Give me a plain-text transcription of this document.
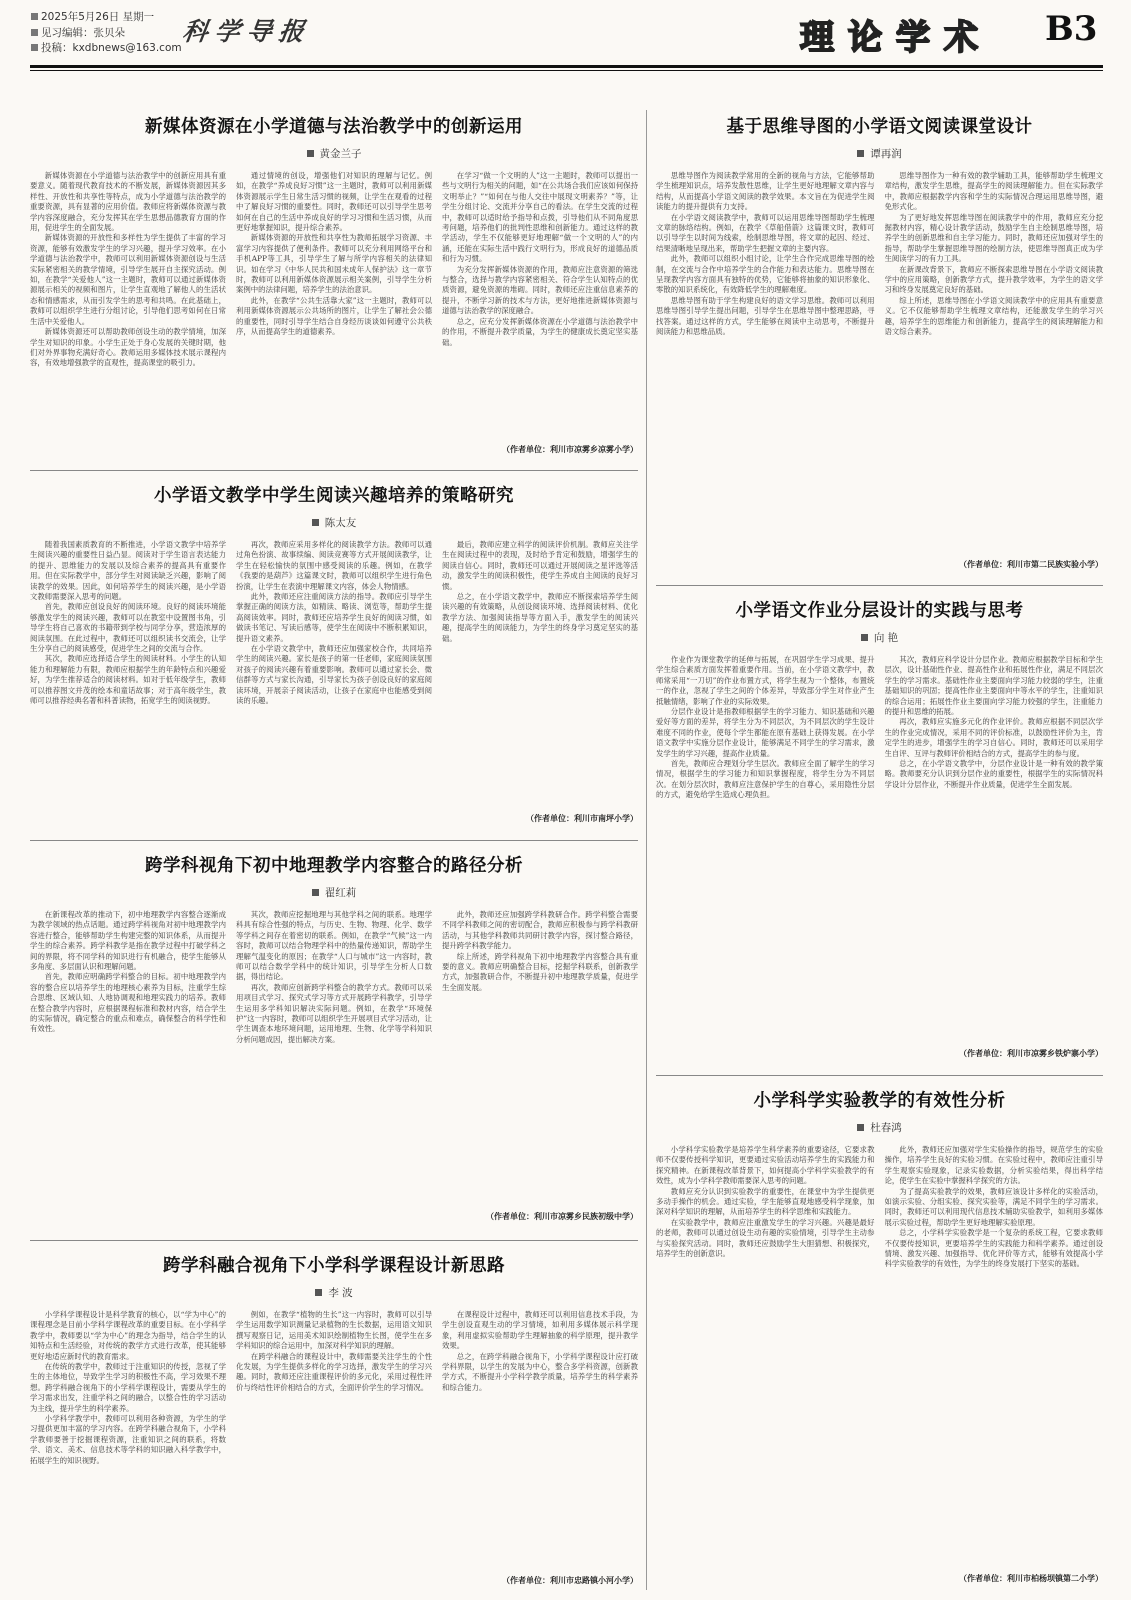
2025年5月26日 星期一
见习编辑：张贝朵
投稿：kxdbnews@163.com
科学导报	理论学术 B3
新媒体资源在小学道德与法治教学中的创新运用
黄金兰子

新媒体资源在小学道德与法治教学中的创新应用具有重要意义。随着现代教育技术的不断发展，新媒体资源因其多样性、开放性和共享性等特点，成为小学道德与法治教学的重要资源，具有显著的应用价值。教师应将新媒体资源与教学内容深度融合，充分发挥其在学生思想品德教育方面的作用，促进学生的全面发展。

新媒体资源的开放性和多样性为学生提供了丰富的学习资源，能够有效激发学生的学习兴趣，提升学习效率。在小学道德与法治教学中，教师可以利用新媒体资源创设与生活实际紧密相关的教学情境，引导学生展开自主探究活动。例如，在教学“关爱他人”这一主题时，教师可以通过新媒体资源展示相关的视频和图片，让学生直观地了解他人的生活状态和情感需求，从而引发学生的思考和共鸣。在此基础上，教师可以组织学生进行分组讨论，引导他们思考如何在日常生活中关爱他人。

新媒体资源还可以帮助教师创设生动的教学情境，加深学生对知识的印象。小学生正处于身心发展的关键时期，他们对外界事物充满好奇心。教师运用多媒体技术展示课程内容，有效地增强教学的直观性，提高课堂的吸引力。

通过情境的创设，增强他们对知识的理解与记忆。例如，在教学“养成良好习惯”这一主题时，教师可以利用新媒体资源展示学生日常生活习惯的视频，让学生在观看的过程中了解良好习惯的重要性。同时，教师还可以引导学生思考如何在自己的生活中养成良好的学习习惯和生活习惯，从而更好地掌握知识，提升综合素养。

新媒体资源的开放性和共享性为教师拓展学习资源、丰富学习内容提供了便利条件。教师可以充分利用网络平台和手机APP等工具，引导学生了解与所学内容相关的法律知识。如在学习《中华人民共和国未成年人保护法》这一章节时，教师可以利用新媒体资源展示相关案例，引导学生分析案例中的法律问题，培养学生的法治意识。

此外，在教学“公共生活靠大家”这一主题时，教师可以利用新媒体资源展示公共场所的图片，让学生了解社会公德的重要性，同时引导学生结合自身经历谈谈如何遵守公共秩序，从而提高学生的道德素养。

在学习“做一个文明的人”这一主题时，教师可以提出一些与文明行为相关的问题，如“在公共场合我们应该如何保持文明举止？”“如何在与他人交往中展现文明素养？”等，让学生分组讨论、交流并分享自己的看法。在学生交流的过程中，教师可以适时给予指导和点拨，引导他们从不同角度思考问题，培养他们的批判性思维和创新能力。通过这样的教学活动，学生不仅能够更好地理解“做一个文明的人”的内涵，还能在实际生活中践行文明行为，形成良好的道德品质和行为习惯。

为充分发挥新媒体资源的作用，教师应注意资源的筛选与整合，选择与教学内容紧密相关、符合学生认知特点的优质资源，避免资源的堆砌。同时，教师还应注重信息素养的提升，不断学习新的技术与方法，更好地推进新媒体资源与道德与法治教学的深度融合。

总之，应充分发挥新媒体资源在小学道德与法治教学中的作用，不断提升教学质量，为学生的健康成长奠定坚实基础。

（作者单位：利川市凉雾乡凉雾小学）
小学语文教学中学生阅读兴趣培养的策略研究
陈太友

随着我国素质教育的不断推进，小学语文教学中培养学生阅读兴趣的重要性日益凸显。阅读对于学生语言表达能力的提升、思维能力的发展以及综合素养的提高具有重要作用。但在实际教学中，部分学生对阅读缺乏兴趣，影响了阅读教学的效果。因此，如何培养学生的阅读兴趣，是小学语文教师需要深入思考的问题。

首先，教师应创设良好的阅读环境。良好的阅读环境能够激发学生的阅读兴趣，教师可以在教室中设置图书角，引导学生将自己喜欢的书籍带到学校与同学分享，营造浓厚的阅读氛围。在此过程中，教师还可以组织读书交流会，让学生分享自己的阅读感受，促进学生之间的交流与合作。

其次，教师应选择适合学生的阅读材料。小学生的认知能力和理解能力有限，教师应根据学生的年龄特点和兴趣爱好，为学生推荐适合的阅读材料。如对于低年级学生，教师可以推荐图文并茂的绘本和童话故事；对于高年级学生，教师可以推荐经典名著和科普读物，拓宽学生的阅读视野。

再次，教师应采用多样化的阅读教学方法。教师可以通过角色扮演、故事续编、阅读竞赛等方式开展阅读教学，让学生在轻松愉快的氛围中感受阅读的乐趣。例如，在教学《我要的是葫芦》这篇课文时，教师可以组织学生进行角色扮演，让学生在表演中理解课文内容，体会人物情感。

此外，教师还应注重阅读方法的指导。教师应引导学生掌握正确的阅读方法，如精读、略读、浏览等，帮助学生提高阅读效率。同时，教师还应培养学生良好的阅读习惯，如做读书笔记、写读后感等，使学生在阅读中不断积累知识，提升语文素养。

在小学语文教学中，教师还应加强家校合作，共同培养学生的阅读兴趣。家长是孩子的第一任老师，家庭阅读氛围对孩子的阅读兴趣有着重要影响。教师可以通过家长会、微信群等方式与家长沟通，引导家长为孩子创设良好的家庭阅读环境，开展亲子阅读活动，让孩子在家庭中也能感受到阅读的乐趣。

最后，教师应建立科学的阅读评价机制。教师应关注学生在阅读过程中的表现，及时给予肯定和鼓励，增强学生的阅读自信心。同时，教师还可以通过开展阅读之星评选等活动，激发学生的阅读积极性，使学生养成自主阅读的良好习惯。

总之，在小学语文教学中，教师应不断探索培养学生阅读兴趣的有效策略，从创设阅读环境、选择阅读材料、优化教学方法、加强阅读指导等方面入手，激发学生的阅读兴趣，提高学生的阅读能力，为学生的终身学习奠定坚实的基础。

（作者单位：利川市南坪小学）
跨学科视角下初中地理教学内容整合的路径分析
翟红莉

在新课程改革的推动下，初中地理教学内容整合逐渐成为教学领域的热点话题。通过跨学科视角对初中地理教学内容进行整合，能够帮助学生构建完整的知识体系，从而提升学生的综合素养。跨学科教学是指在教学过程中打破学科之间的界限，将不同学科的知识进行有机融合，使学生能够从多角度、多层面认识和理解问题。

首先，教师应明确跨学科整合的目标。初中地理教学内容的整合应以培养学生的地理核心素养为目标，注重学生综合思维、区域认知、人地协调观和地理实践力的培养。教师在整合教学内容时，应根据课程标准和教材内容，结合学生的实际情况，确定整合的重点和难点，确保整合的科学性和有效性。

其次，教师应挖掘地理与其他学科之间的联系。地理学科具有综合性强的特点，与历史、生物、物理、化学、数学等学科之间存在着密切的联系。例如，在教学“气候”这一内容时，教师可以结合物理学科中的热量传递知识，帮助学生理解气温变化的原因；在教学“人口与城市”这一内容时，教师可以结合数学学科中的统计知识，引导学生分析人口数据，得出结论。

再次，教师应创新跨学科整合的教学方式。教师可以采用项目式学习、探究式学习等方式开展跨学科教学，引导学生运用多学科知识解决实际问题。例如，在教学“环境保护”这一内容时，教师可以组织学生开展项目式学习活动，让学生调查本地环境问题，运用地理、生物、化学等学科知识分析问题成因，提出解决方案。

此外，教师还应加强跨学科教研合作。跨学科整合需要不同学科教师之间的密切配合，教师应积极参与跨学科教研活动，与其他学科教师共同研讨教学内容，探讨整合路径，提升跨学科教学能力。

综上所述，跨学科视角下初中地理教学内容整合具有重要的意义。教师应明确整合目标，挖掘学科联系，创新教学方式，加强教研合作，不断提升初中地理教学质量，促进学生全面发展。

（作者单位：利川市凉雾乡民族初级中学）
跨学科融合视角下小学科学课程设计新思路
李 波

小学科学课程设计是科学教育的核心，以“学为中心”的课程理念是目前小学科学课程改革的重要目标。在小学科学教学中，教师要以“学为中心”的理念为指导，结合学生的认知特点和生活经验，对传统的教学方式进行改革，使其能够更好地适应新时代的教育需求。

在传统的教学中，教师过于注重知识的传授，忽视了学生的主体地位，导致学生学习的积极性不高，学习效果不理想。跨学科融合视角下的小学科学课程设计，需要从学生的学习需求出发，注重学科之间的融合，以整合性的学习活动为主线，提升学生的科学素养。

小学科学教学中，教师可以利用各种资源，为学生的学习提供更加丰富的学习内容。在跨学科融合视角下，小学科学教师要善于挖掘课程资源，注重知识之间的联系，将数学、语文、美术、信息技术等学科的知识融入科学教学中，拓展学生的知识视野。

例如，在教学“植物的生长”这一内容时，教师可以引导学生运用数学知识测量记录植物的生长数据，运用语文知识撰写观察日记，运用美术知识绘制植物生长图，使学生在多学科知识的综合运用中，加深对科学知识的理解。

在跨学科融合的课程设计中，教师需要关注学生的个性化发展，为学生提供多样化的学习选择，激发学生的学习兴趣。同时，教师还应注重课程评价的多元化，采用过程性评价与终结性评价相结合的方式，全面评价学生的学习情况。

在课程设计过程中，教师还可以利用信息技术手段，为学生创设直观生动的学习情境，如利用多媒体展示科学现象，利用虚拟实验帮助学生理解抽象的科学原理，提升教学效果。

总之，在跨学科融合视角下，小学科学课程设计应打破学科界限，以学生的发展为中心，整合多学科资源，创新教学方式，不断提升小学科学教学质量，培养学生的科学素养和综合能力。

（作者单位：利川市忠路镇小河小学）
基于思维导图的小学语文阅读课堂设计
谭再润

思维导图作为阅读教学常用的全新的视角与方法，它能够帮助学生梳理知识点，培养发散性思维，让学生更好地理解文章内容与结构，从而提高小学语文阅读的教学效果。本文旨在为促进学生阅读能力的提升提供有力支持。

在小学语文阅读教学中，教师可以运用思维导图帮助学生梳理文章的脉络结构。例如，在教学《草船借箭》这篇课文时，教师可以引导学生以时间为线索，绘制思维导图，将文章的起因、经过、结果清晰地呈现出来，帮助学生把握文章的主要内容。

此外，教师可以组织小组讨论，让学生合作完成思维导图的绘制，在交流与合作中培养学生的合作能力和表达能力。思维导图在呈现教学内容方面具有独特的优势，它能够将抽象的知识形象化、零散的知识系统化，有效降低学生的理解难度。

思维导图有助于学生构建良好的语文学习思维。教师可以利用思维导图引导学生提出问题，引导学生在思维导图中整理思路，寻找答案。通过这样的方式，学生能够在阅读中主动思考，不断提升阅读能力和思维品质。

思维导图作为一种有效的教学辅助工具，能够帮助学生梳理文章结构，激发学生思维，提高学生的阅读理解能力。但在实际教学中，教师应根据教学内容和学生的实际情况合理运用思维导图，避免形式化。

为了更好地发挥思维导图在阅读教学中的作用，教师应充分挖掘教材内容，精心设计教学活动，鼓励学生自主绘制思维导图，培养学生的创新思维和自主学习能力。同时，教师还应加强对学生的指导，帮助学生掌握思维导图的绘制方法，使思维导图真正成为学生阅读学习的有力工具。

在新课改背景下，教师应不断探索思维导图在小学语文阅读教学中的应用策略，创新教学方式，提升教学效率，为学生的语文学习和终身发展奠定良好的基础。

综上所述，思维导图在小学语文阅读教学中的应用具有重要意义。它不仅能够帮助学生梳理文章结构，还能激发学生的学习兴趣，培养学生的思维能力和创新能力，提高学生的阅读理解能力和语文综合素养。

（作者单位：利川市第二民族实验小学）
小学语文作业分层设计的实践与思考
向 艳

作业作为课堂教学的延伸与拓展，在巩固学生学习成果、提升学生综合素质方面发挥着重要作用。当前，在小学语文教学中，教师常采用“一刀切”的作业布置方式，将学生视为一个整体，布置统一的作业，忽视了学生之间的个体差异，导致部分学生对作业产生抵触情绪，影响了作业的实际效果。

分层作业设计是指教师根据学生的学习能力、知识基础和兴趣爱好等方面的差异，将学生分为不同层次，为不同层次的学生设计难度不同的作业，使每个学生都能在原有基础上获得发展。在小学语文教学中实施分层作业设计，能够满足不同学生的学习需求，激发学生的学习兴趣，提高作业质量。

首先，教师应合理划分学生层次。教师应全面了解学生的学习情况，根据学生的学习能力和知识掌握程度，将学生分为不同层次。在划分层次时，教师应注意保护学生的自尊心，采用隐性分层的方式，避免给学生造成心理负担。

其次，教师应科学设计分层作业。教师应根据教学目标和学生层次，设计基础性作业、提高性作业和拓展性作业，满足不同层次学生的学习需求。基础性作业主要面向学习能力较弱的学生，注重基础知识的巩固；提高性作业主要面向中等水平的学生，注重知识的综合运用；拓展性作业主要面向学习能力较强的学生，注重能力的提升和思维的拓展。

再次，教师应实施多元化的作业评价。教师应根据不同层次学生的作业完成情况，采用不同的评价标准，以鼓励性评价为主，肯定学生的进步，增强学生的学习自信心。同时，教师还可以采用学生自评、互评与教师评价相结合的方式，提高学生的参与度。

总之，在小学语文教学中，分层作业设计是一种有效的教学策略。教师要充分认识到分层作业的重要性，根据学生的实际情况科学设计分层作业，不断提升作业质量，促进学生全面发展。

（作者单位：利川市凉雾乡铁炉寨小学）
小学科学实验教学的有效性分析
杜春鸿

小学科学实验教学是培养学生科学素养的重要途径，它要求教师不仅要传授科学知识，更要通过实验活动培养学生的实践能力和探究精神。在新课程改革背景下，如何提高小学科学实验教学的有效性，成为小学科学教师需要深入思考的问题。

教师应充分认识到实验教学的重要性，在课堂中为学生提供更多动手操作的机会。通过实验，学生能够直观地感受科学现象，加深对科学知识的理解，从而培养学生的科学思维和实践能力。

在实验教学中，教师应注重激发学生的学习兴趣。兴趣是最好的老师，教师可以通过创设生动有趣的实验情境，引导学生主动参与实验探究活动。同时，教师还应鼓励学生大胆猜想、积极探究，培养学生的创新意识。

此外，教师还应加强对学生实验操作的指导，规范学生的实验操作，培养学生良好的实验习惯。在实验过程中，教师应注重引导学生观察实验现象，记录实验数据，分析实验结果，得出科学结论，使学生在实验中掌握科学探究的方法。

为了提高实验教学的效果，教师应该设计多样化的实验活动，如演示实验、分组实验、探究实验等，满足不同学生的学习需求。同时，教师还可以利用现代信息技术辅助实验教学，如利用多媒体展示实验过程，帮助学生更好地理解实验原理。

总之，小学科学实验教学是一个复杂的系统工程，它要求教师不仅要传授知识，更要培养学生的实践能力和科学素养。通过创设情境、激发兴趣、加强指导、优化评价等方式，能够有效提高小学科学实验教学的有效性，为学生的终身发展打下坚实的基础。

（作者单位：利川市柏杨坝镇第二小学）
